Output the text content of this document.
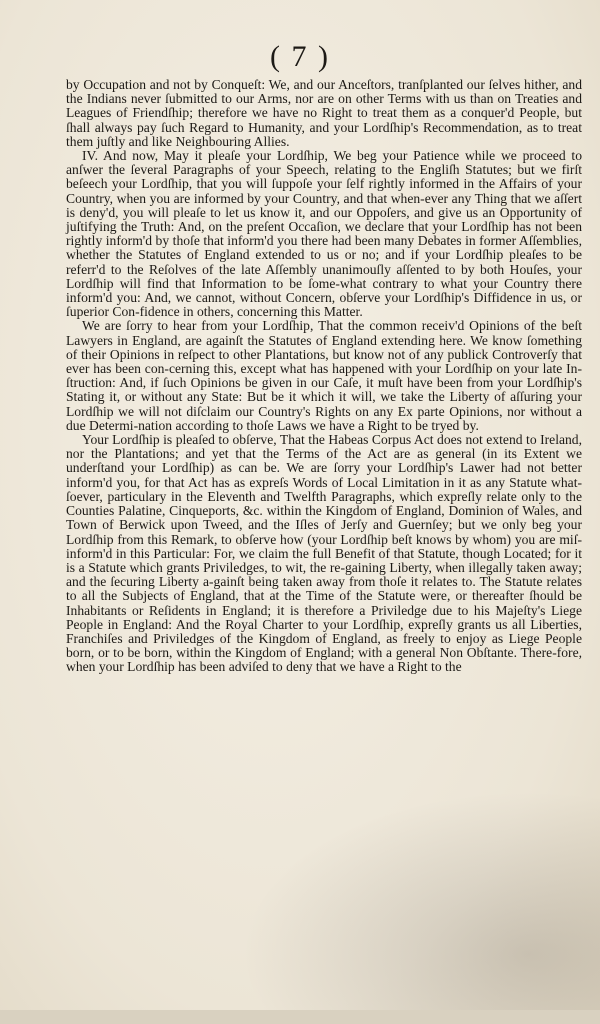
( 7 )

by Occupation and not by Conqueſt: We, and our Anceſtors, tranſplanted our ſelves hither, and the Indians never ſubmitted to our Arms, nor are on other Terms with us than on Treaties and Leagues of Friendſhip; therefore we have no Right to treat them as a conquer'd People, but ſhall always pay ſuch Regard to Humanity, and your Lordſhip's Recommendation, as to treat them juſtly and like Neighbouring Allies.

IV. And now, May it pleaſe your Lordſhip, We beg your Patience while we proceed to anſwer the ſeveral Paragraphs of your Speech, relating to the Engliſh Statutes; but we firſt beſeech your Lordſhip, that you will ſuppoſe your ſelf rightly informed in the Affairs of your Country, when you are informed by your Country, and that when-ever any Thing that we aſſert is deny'd, you will pleaſe to let us know it, and our Oppoſers, and give us an Opportunity of juſtifying the Truth: And, on the preſent Occaſion, we declare that your Lordſhip has not been rightly inform'd by thoſe that inform'd you there had been many Debates in former Aſſemblies, whether the Statutes of England extended to us or no; and if your Lordſhip pleaſes to be referr'd to the Reſolves of the late Aſſembly unanimouſly aſſented to by both Houſes, your Lordſhip will find that Information to be ſome-what contrary to what your Country there inform'd you: And, we cannot, without Concern, obſerve your Lordſhip's Diffidence in us, or ſuperior Con-fidence in others, concerning this Matter.

We are ſorry to hear from your Lordſhip, That the common receiv'd Opinions of the beſt Lawyers in England, are againſt the Statutes of England extending here. We know ſomething of their Opinions in reſpect to other Plantations, but know not of any publick Controverſy that ever has been con-cerning this, except what has happened with your Lordſhip on your late In-ſtruction: And, if ſuch Opinions be given in our Caſe, it muſt have been from your Lordſhip's Stating it, or without any State: But be it which it will, we take the Liberty of aſſuring your Lordſhip we will not diſclaim our Country's Rights on any Ex parte Opinions, nor without a due Determi-nation according to thoſe Laws we have a Right to be tryed by.

Your Lordſhip is pleaſed to obſerve, That the Habeas Corpus Act does not extend to Ireland, nor the Plantations; and yet that the Terms of the Act are as general (in its Extent we underſtand your Lordſhip) as can be. We are ſorry your Lordſhip's Lawer had not better inform'd you, for that Act has as expreſs Words of Local Limitation in it as any Statute what-ſoever, particulary in the Eleventh and Twelfth Paragraphs, which expreſly relate only to the Counties Palatine, Cinqueports, &c. within the Kingdom of England, Dominion of Wales, and Town of Berwick upon Tweed, and the Iſles of Jerſy and Guernſey; but we only beg your Lordſhip from this Remark, to obſerve how (your Lordſhip beſt knows by whom) you are miſ-inform'd in this Particular: For, we claim the full Benefit of that Statute, though Located; for it is a Statute which grants Priviledges, to wit, the re-gaining Liberty, when illegally taken away; and the ſecuring Liberty a-gainſt being taken away from thoſe it relates to. The Statute relates to all the Subjects of England, that at the Time of the Statute were, or thereafter ſhould be Inhabitants or Reſidents in England; it is therefore a Priviledge due to his Majeſty's Liege People in England: And the Royal Charter to your Lordſhip, expreſly grants us all Liberties, Franchiſes and Priviledges of the Kingdom of England, as freely to enjoy as Liege People born, or to be born, within the Kingdom of England; with a general Non Obſtante. There-fore, when your Lordſhip has been adviſed to deny that we have a Right to the
